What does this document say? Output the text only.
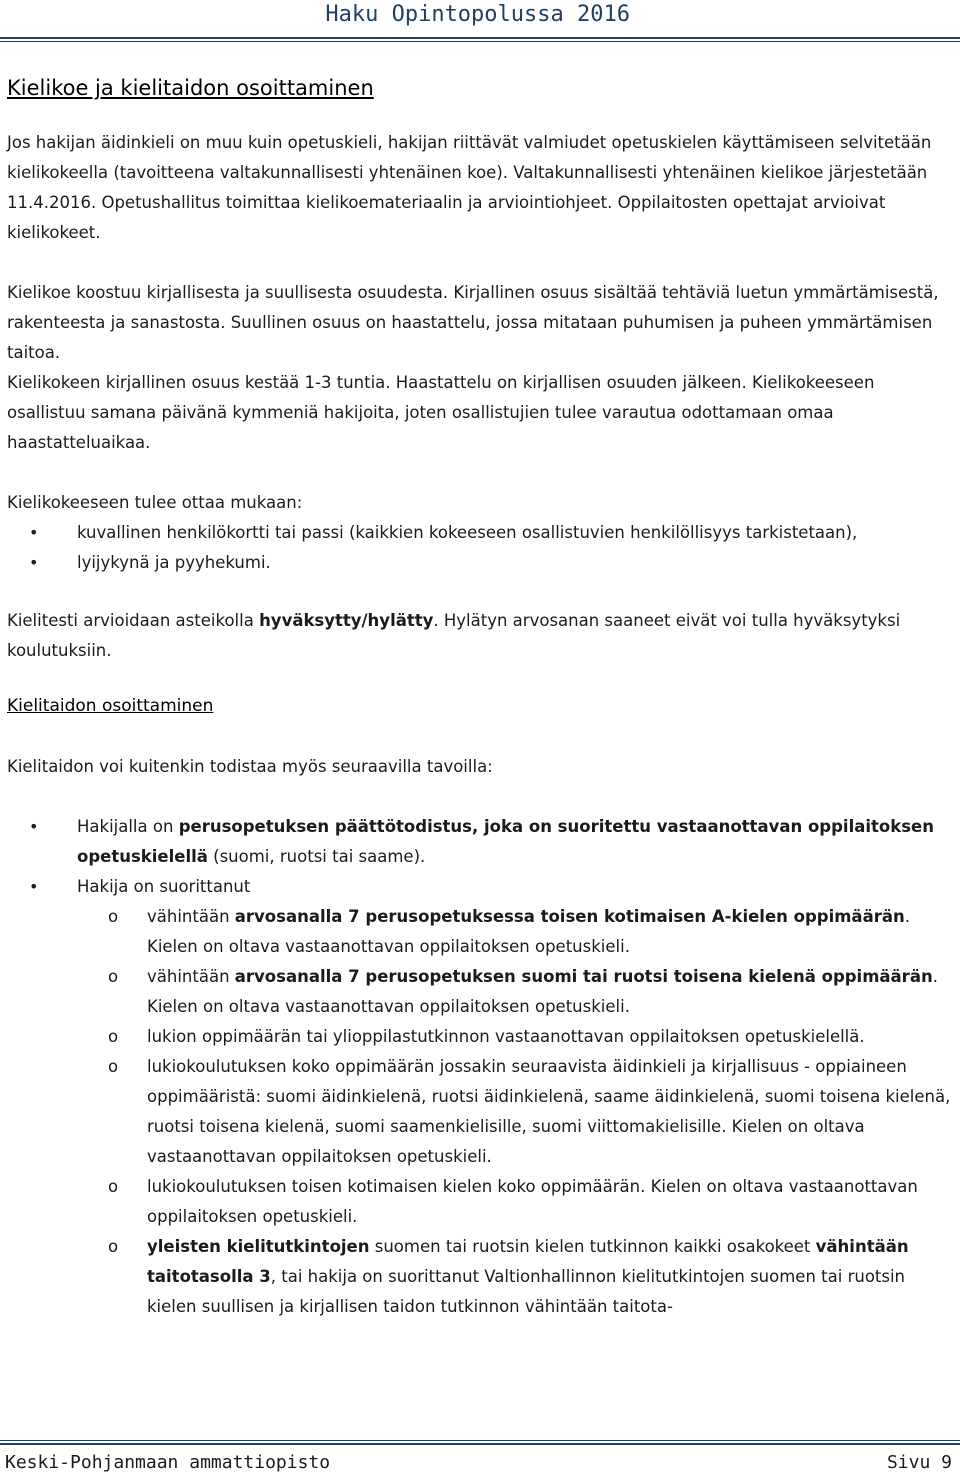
Haku Opintopolussa 2016
Kielikoe ja kielitaidon osoittaminen

Jos hakijan äidinkieli on muu kuin opetuskieli, hakijan riittävät valmiudet opetuskielen käyttämiseen selvitetään kielikokeella (tavoitteena valtakunnallisesti yhtenäinen koe). Valtakunnallisesti yhtenäinen kielikoe järjestetään 11.4.2016. Opetushallitus toimittaa kielikoemateriaalin ja arviointiohjeet. Oppilaitosten opettajat arvioivat kielikokeet.

Kielikoe koostuu kirjallisesta ja suullisesta osuudesta. Kirjallinen osuus sisältää tehtäviä luetun ymmärtämisestä, rakenteesta ja sanastosta. Suullinen osuus on haastattelu, jossa mitataan puhumisen ja puheen ymmärtämisen taitoa.

Kielikokeen kirjallinen osuus kestää 1-3 tuntia. Haastattelu on kirjallisen osuuden jälkeen. Kielikokeeseen osallistuu samana päivänä kymmeniä hakijoita, joten osallistujien tulee varautua odottamaan omaa haastatteluaikaa.

Kielikokeeseen tulee ottaa mukaan:

• kuvallinen henkilökortti tai passi (kaikkien kokeeseen osallistuvien henkilöllisyys tarkistetaan),
• lyijykynä ja pyyhekumi.

Kielitesti arvioidaan asteikolla hyväksytty/hylätty. Hylätyn arvosanan saaneet eivät voi tulla hyväksytyksi koulutuksiin.

Kielitaidon osoittaminen

Kielitaidon voi kuitenkin todistaa myös seuraavilla tavoilla:

• Hakijalla on perusopetuksen päättötodistus, joka on suoritettu vastaanottavan oppilaitoksen opetuskielellä (suomi, ruotsi tai saame).
• Hakija on suorittanut
o vähintään arvosanalla 7 perusopetuksessa toisen kotimaisen A-kielen oppimäärän. Kielen on oltava vastaanottavan oppilaitoksen opetuskieli.
o vähintään arvosanalla 7 perusopetuksen suomi tai ruotsi toisena kielenä oppimäärän. Kielen on oltava vastaanottavan oppilaitoksen opetuskieli.
o lukion oppimäärän tai ylioppilastutkinnon vastaanottavan oppilaitoksen opetuskielellä.
o lukiokoulutuksen koko oppimäärän jossakin seuraavista äidinkieli ja kirjallisuus - oppiaineen oppimääristä: suomi äidinkielenä, ruotsi äidinkielenä, saame äidinkielenä, suomi toisena kielenä, ruotsi toisena kielenä, suomi saamenkielisille, suomi viittomakielisille. Kielen on oltava vastaanottavan oppilaitoksen opetuskieli.
o lukiokoulutuksen toisen kotimaisen kielen koko oppimäärän. Kielen on oltava vastaanottavan oppilaitoksen opetuskieli.
o yleisten kielitutkintojen suomen tai ruotsin kielen tutkinnon kaikki osakokeet vähintään taitotasolla 3, tai hakija on suorittanut Valtionhallinnon kielitutkintojen suomen tai ruotsin kielen suullisen ja kirjallisen taidon tutkinnon vähintään taitota-
Keski-Pohjanmaan ammattiopisto	Sivu 9
